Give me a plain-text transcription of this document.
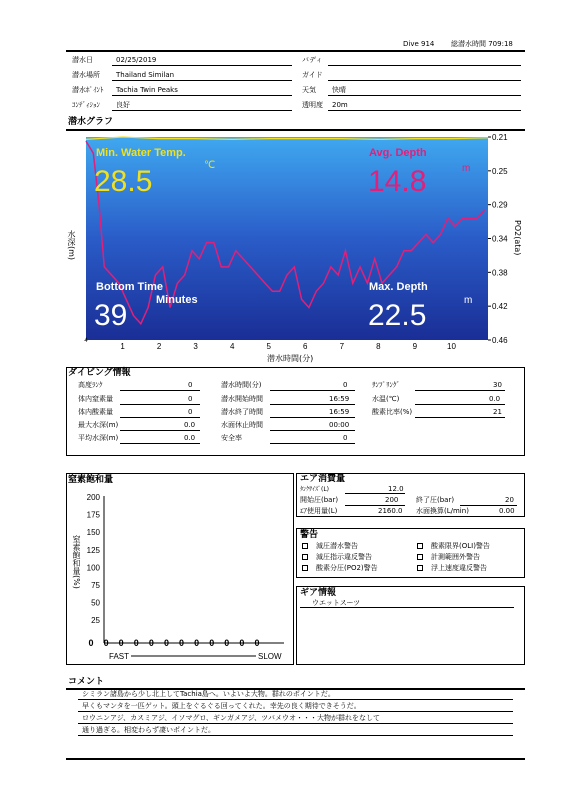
Dive 914 総潜水時間 709:18
潜水日	02/25/2019	バディ
潜水場所 Thailand Similan	ガイド
潜水ﾎﾟｲﾝﾄ Tachia Twin Peaks	天気 快晴
ｺﾝﾃﾞｨｼｮﾝ 良好	透明度 20m
潜水グラフ
水深(m)	PO2(ata)
Min. Water Temp.
℃
28.5
Avg. Depth
m
14.8
Bottom Time
Minutes
39
Max. Depth
m
22.5
1	2	3	4	5	6	7	8	9	10
4
0.21
0.25
0.29
0.34
0.38
0.42
0.46
潜水時間(分)
ダイビング情報
高度ﾗﾝｸ	0
体内窒素量	0
体内酸素量	0
最大水深(m)	0.0
平均水深(m)	0.0
潜水時間(分)	0
潜水開始時間	16:59
潜水終了時間	16:59
水面休止時間	00:00
安全率	0
ｻﾝﾌﾟﾘﾝｸﾞ	30
水温(℃)	0.0
酸素比率(%)	21
窒素飽和量
窒素飽和量(%)
200
175
150
125
100
75
50
25
0 0 0 0 0 0 0 0 0 0 0 0
FAST	SLOW
エア消費量
ﾀﾝｸｻｲｽﾞ(L)	12.0
開始圧(bar)	200	終了圧(bar)	20
ｴｱ使用量(L)	2160.0 水面換算(L/min)	0.00
警告
減圧潜水警告
減圧指示違反警告
酸素分圧(PO2)警告
酸素限界(OLI)警告
計測範囲外警告
浮上速度違反警告
ギア情報
ウエットスーツ
コメント
シミラン諸島から少し北上してTachia島へ。いよいよ大物。群れのポイントだ。
早くもマンタを一匹ゲット。頭上をぐるぐる回ってくれた。幸先の良く期待できそうだ。
ロウニンアジ、カスミアジ、イソマグロ、ギンガメアジ、ツバメウオ・・・大物が群れをなして
通り過ぎる。相変わらず凄いポイントだ。
